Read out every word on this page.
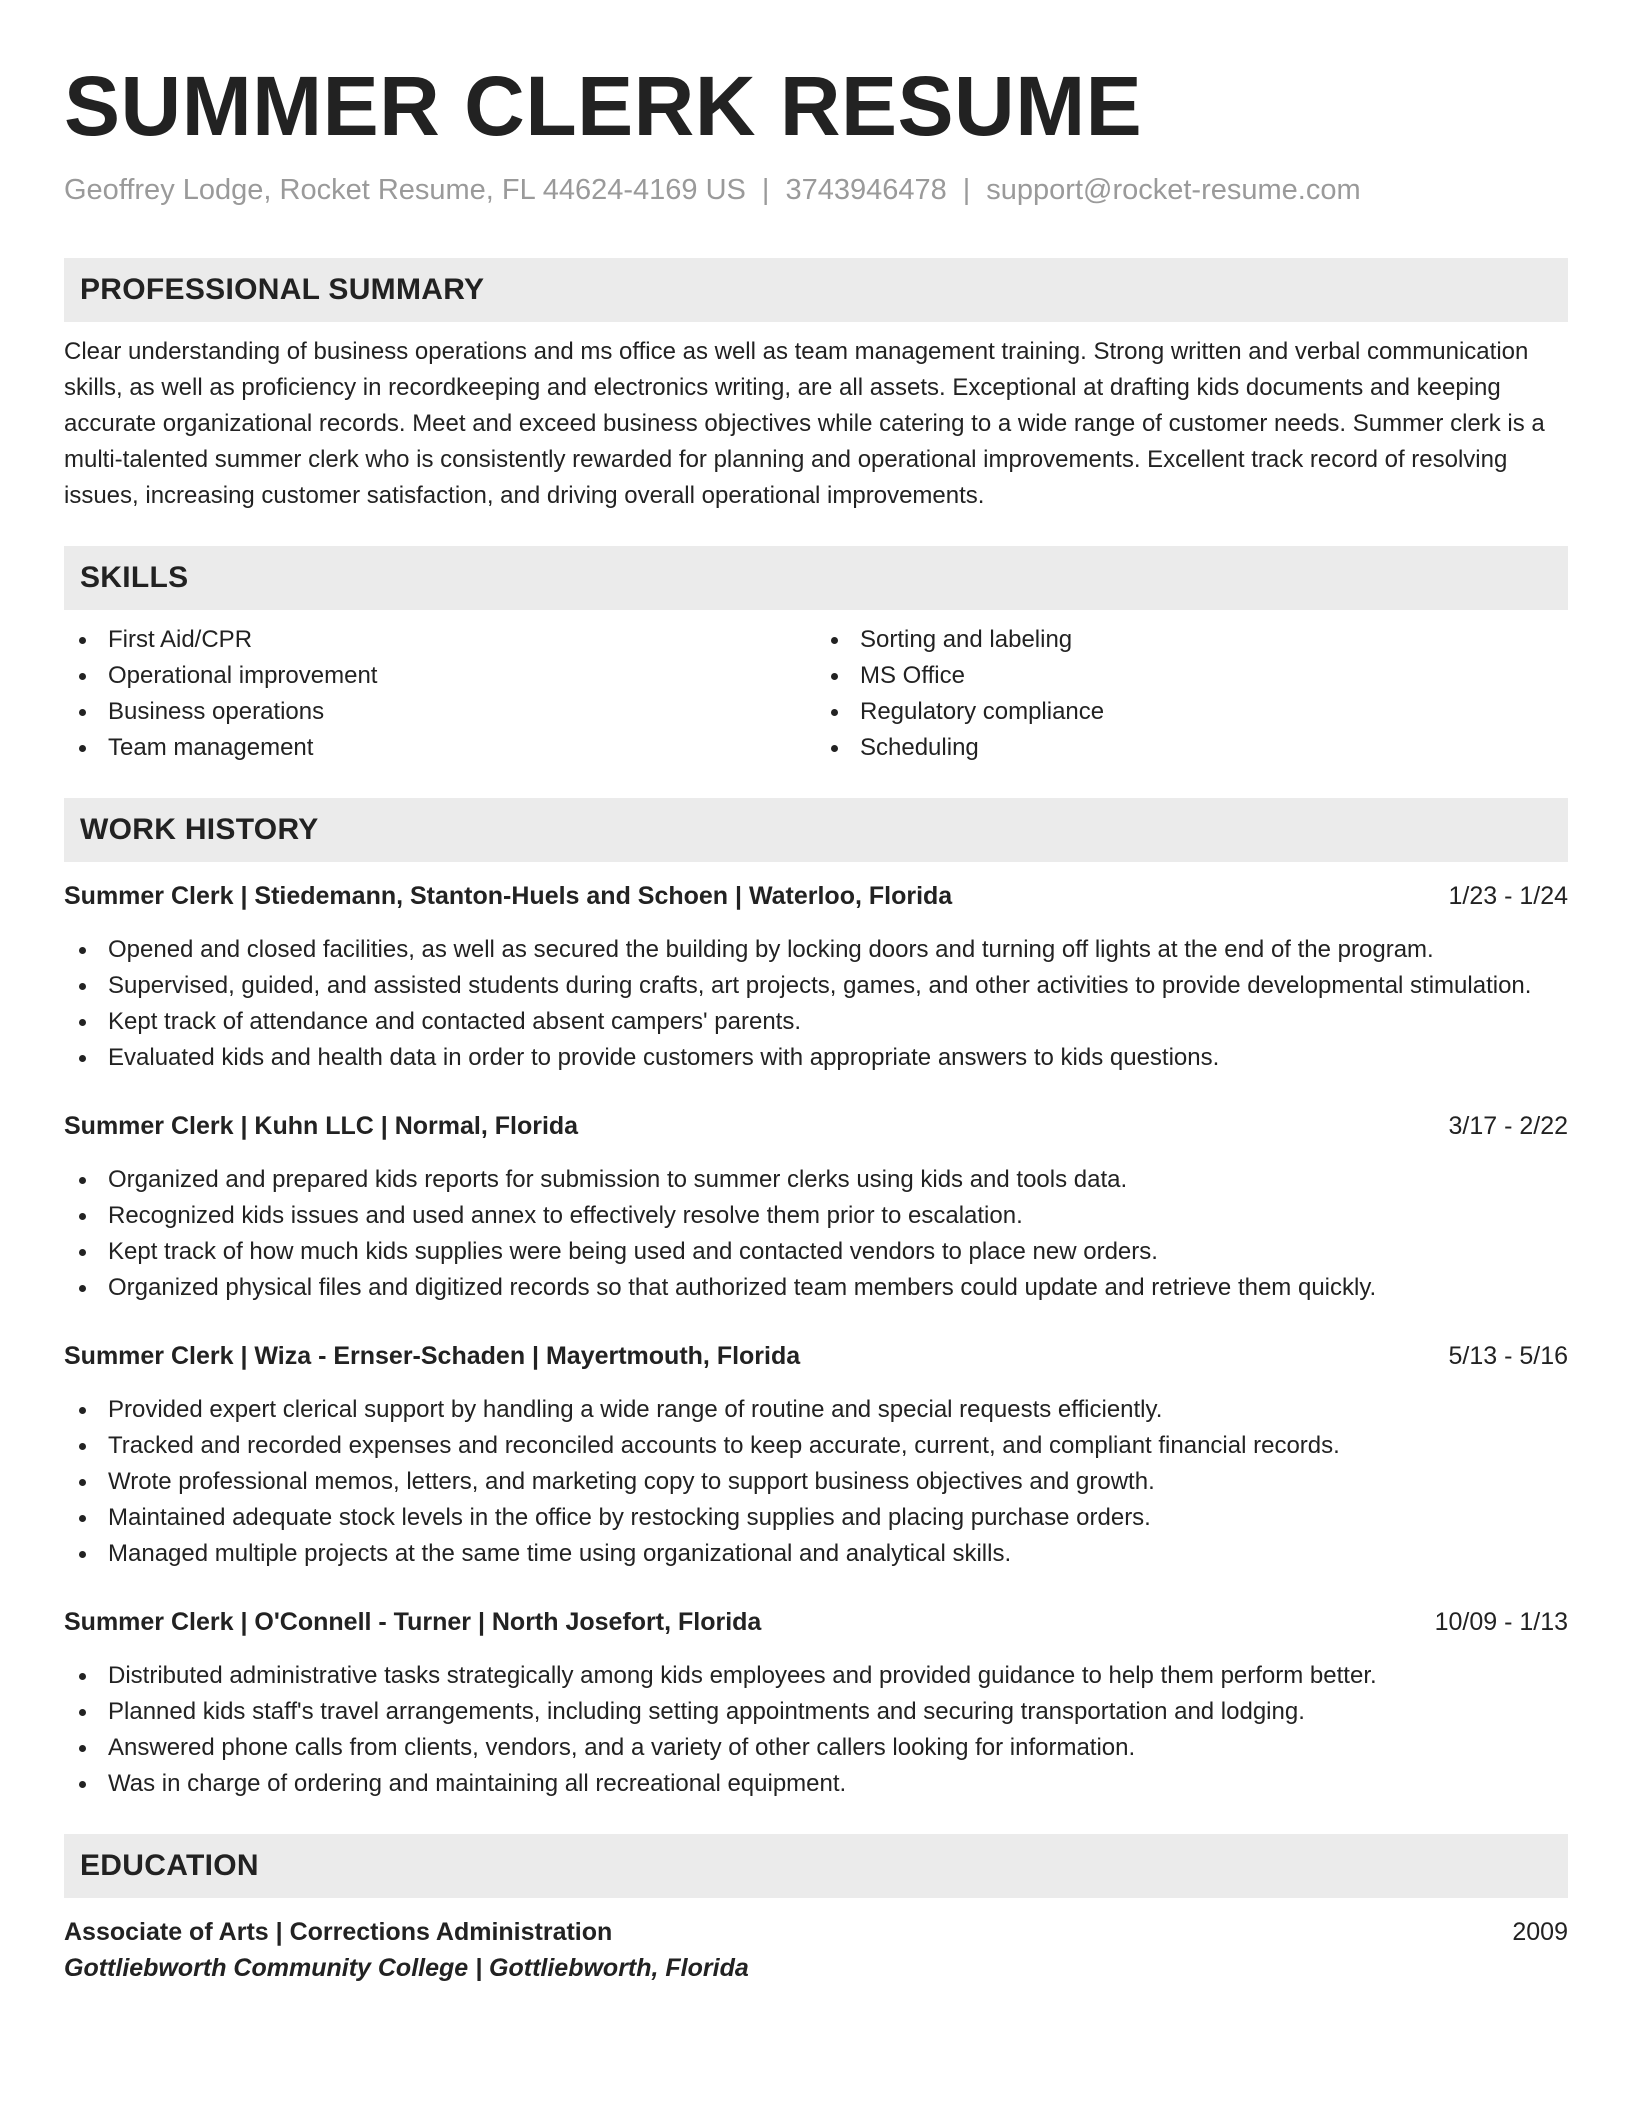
SUMMER CLERK RESUME
Geoffrey Lodge, Rocket Resume, FL 44624-4169 US | 3743946478 | support@rocket-resume.com
PROFESSIONAL SUMMARY

Clear understanding of business operations and ms office as well as team management training. Strong written and verbal communication skills, as well as proficiency in recordkeeping and electronics writing, are all assets. Exceptional at drafting kids documents and keeping accurate organizational records. Meet and exceed business objectives while catering to a wide range of customer needs. Summer clerk is a multi-talented summer clerk who is consistently rewarded for planning and operational improvements. Excellent track record of resolving issues, increasing customer satisfaction, and driving overall operational improvements.

SKILLS
First Aid/CPR
Operational improvement
Business operations
Team management
Sorting and labeling
MS Office
Regulatory compliance
Scheduling
WORK HISTORY
Summer Clerk | Stiedemann, Stanton-Huels and Schoen | Waterloo, Florida	1/23 - 1/24
Opened and closed facilities, as well as secured the building by locking doors and turning off lights at the end of the program.
Supervised, guided, and assisted students during crafts, art projects, games, and other activities to provide developmental stimulation.
Kept track of attendance and contacted absent campers' parents.
Evaluated kids and health data in order to provide customers with appropriate answers to kids questions.
Summer Clerk | Kuhn LLC | Normal, Florida	3/17 - 2/22
Organized and prepared kids reports for submission to summer clerks using kids and tools data.
Recognized kids issues and used annex to effectively resolve them prior to escalation.
Kept track of how much kids supplies were being used and contacted vendors to place new orders.
Organized physical files and digitized records so that authorized team members could update and retrieve them quickly.
Summer Clerk | Wiza - Ernser-Schaden | Mayertmouth, Florida	5/13 - 5/16
Provided expert clerical support by handling a wide range of routine and special requests efficiently.
Tracked and recorded expenses and reconciled accounts to keep accurate, current, and compliant financial records.
Wrote professional memos, letters, and marketing copy to support business objectives and growth.
Maintained adequate stock levels in the office by restocking supplies and placing purchase orders.
Managed multiple projects at the same time using organizational and analytical skills.
Summer Clerk | O'Connell - Turner | North Josefort, Florida	10/09 - 1/13
Distributed administrative tasks strategically among kids employees and provided guidance to help them perform better.
Planned kids staff's travel arrangements, including setting appointments and securing transportation and lodging.
Answered phone calls from clients, vendors, and a variety of other callers looking for information.
Was in charge of ordering and maintaining all recreational equipment.
EDUCATION
Associate of Arts | Corrections Administration	2009
Gottliebworth Community College | Gottliebworth, Florida
